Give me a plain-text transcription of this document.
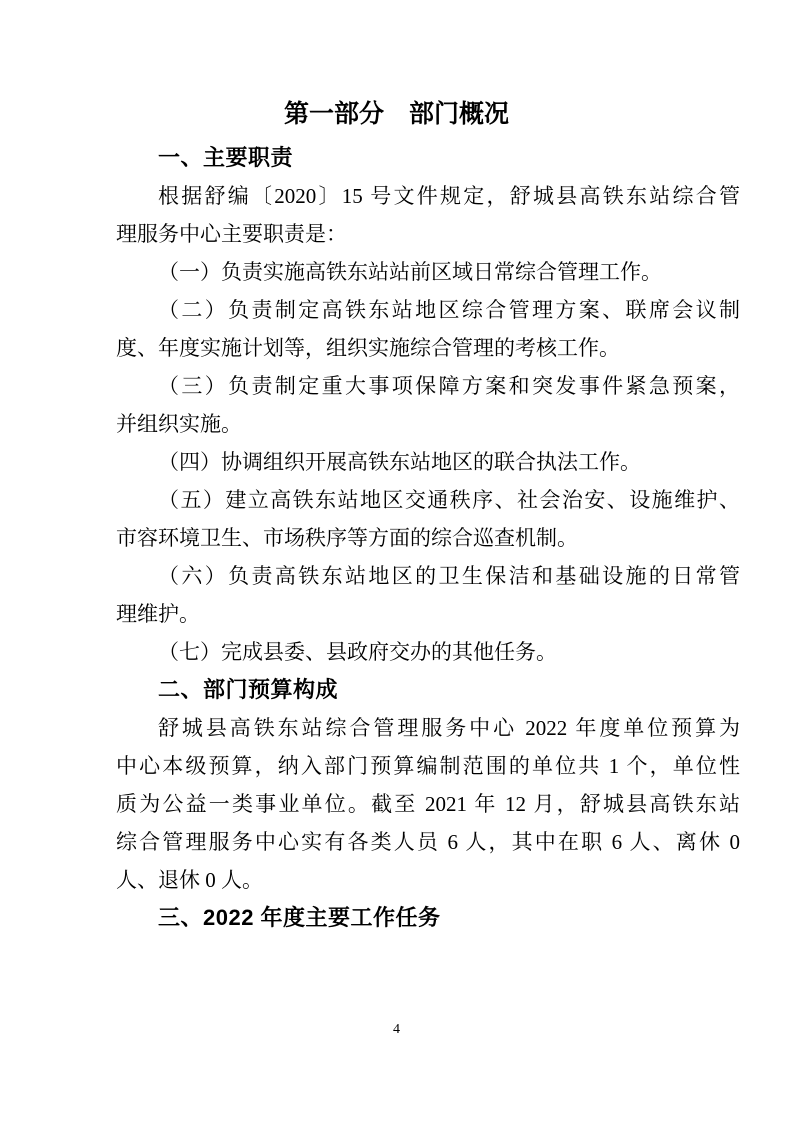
第一部分　部门概况
一、主要职责
根据舒编〔2020〕15 号文件规定，舒城县高铁东站综合管
理服务中心主要职责是：
（一）负责实施高铁东站站前区域日常综合管理工作。
（二）负责制定高铁东站地区综合管理方案、联席会议制
度、年度实施计划等，组织实施综合管理的考核工作。
（三）负责制定重大事项保障方案和突发事件紧急预案，
并组织实施。
（四）协调组织开展高铁东站地区的联合执法工作。
（五）建立高铁东站地区交通秩序、社会治安、设施维护、
市容环境卫生、市场秩序等方面的综合巡查机制。
（六）负责高铁东站地区的卫生保洁和基础设施的日常管
理维护。
（七）完成县委、县政府交办的其他任务。
二、部门预算构成
舒城县高铁东站综合管理服务中心 2022 年度单位预算为
中心本级预算，纳入部门预算编制范围的单位共 1 个，单位性
质为公益一类事业单位。截至 2021 年 12 月，舒城县高铁东站
综合管理服务中心实有各类人员 6 人，其中在职 6 人、离休 0
人、退休 0 人。
三、2022 年度主要工作任务
4
